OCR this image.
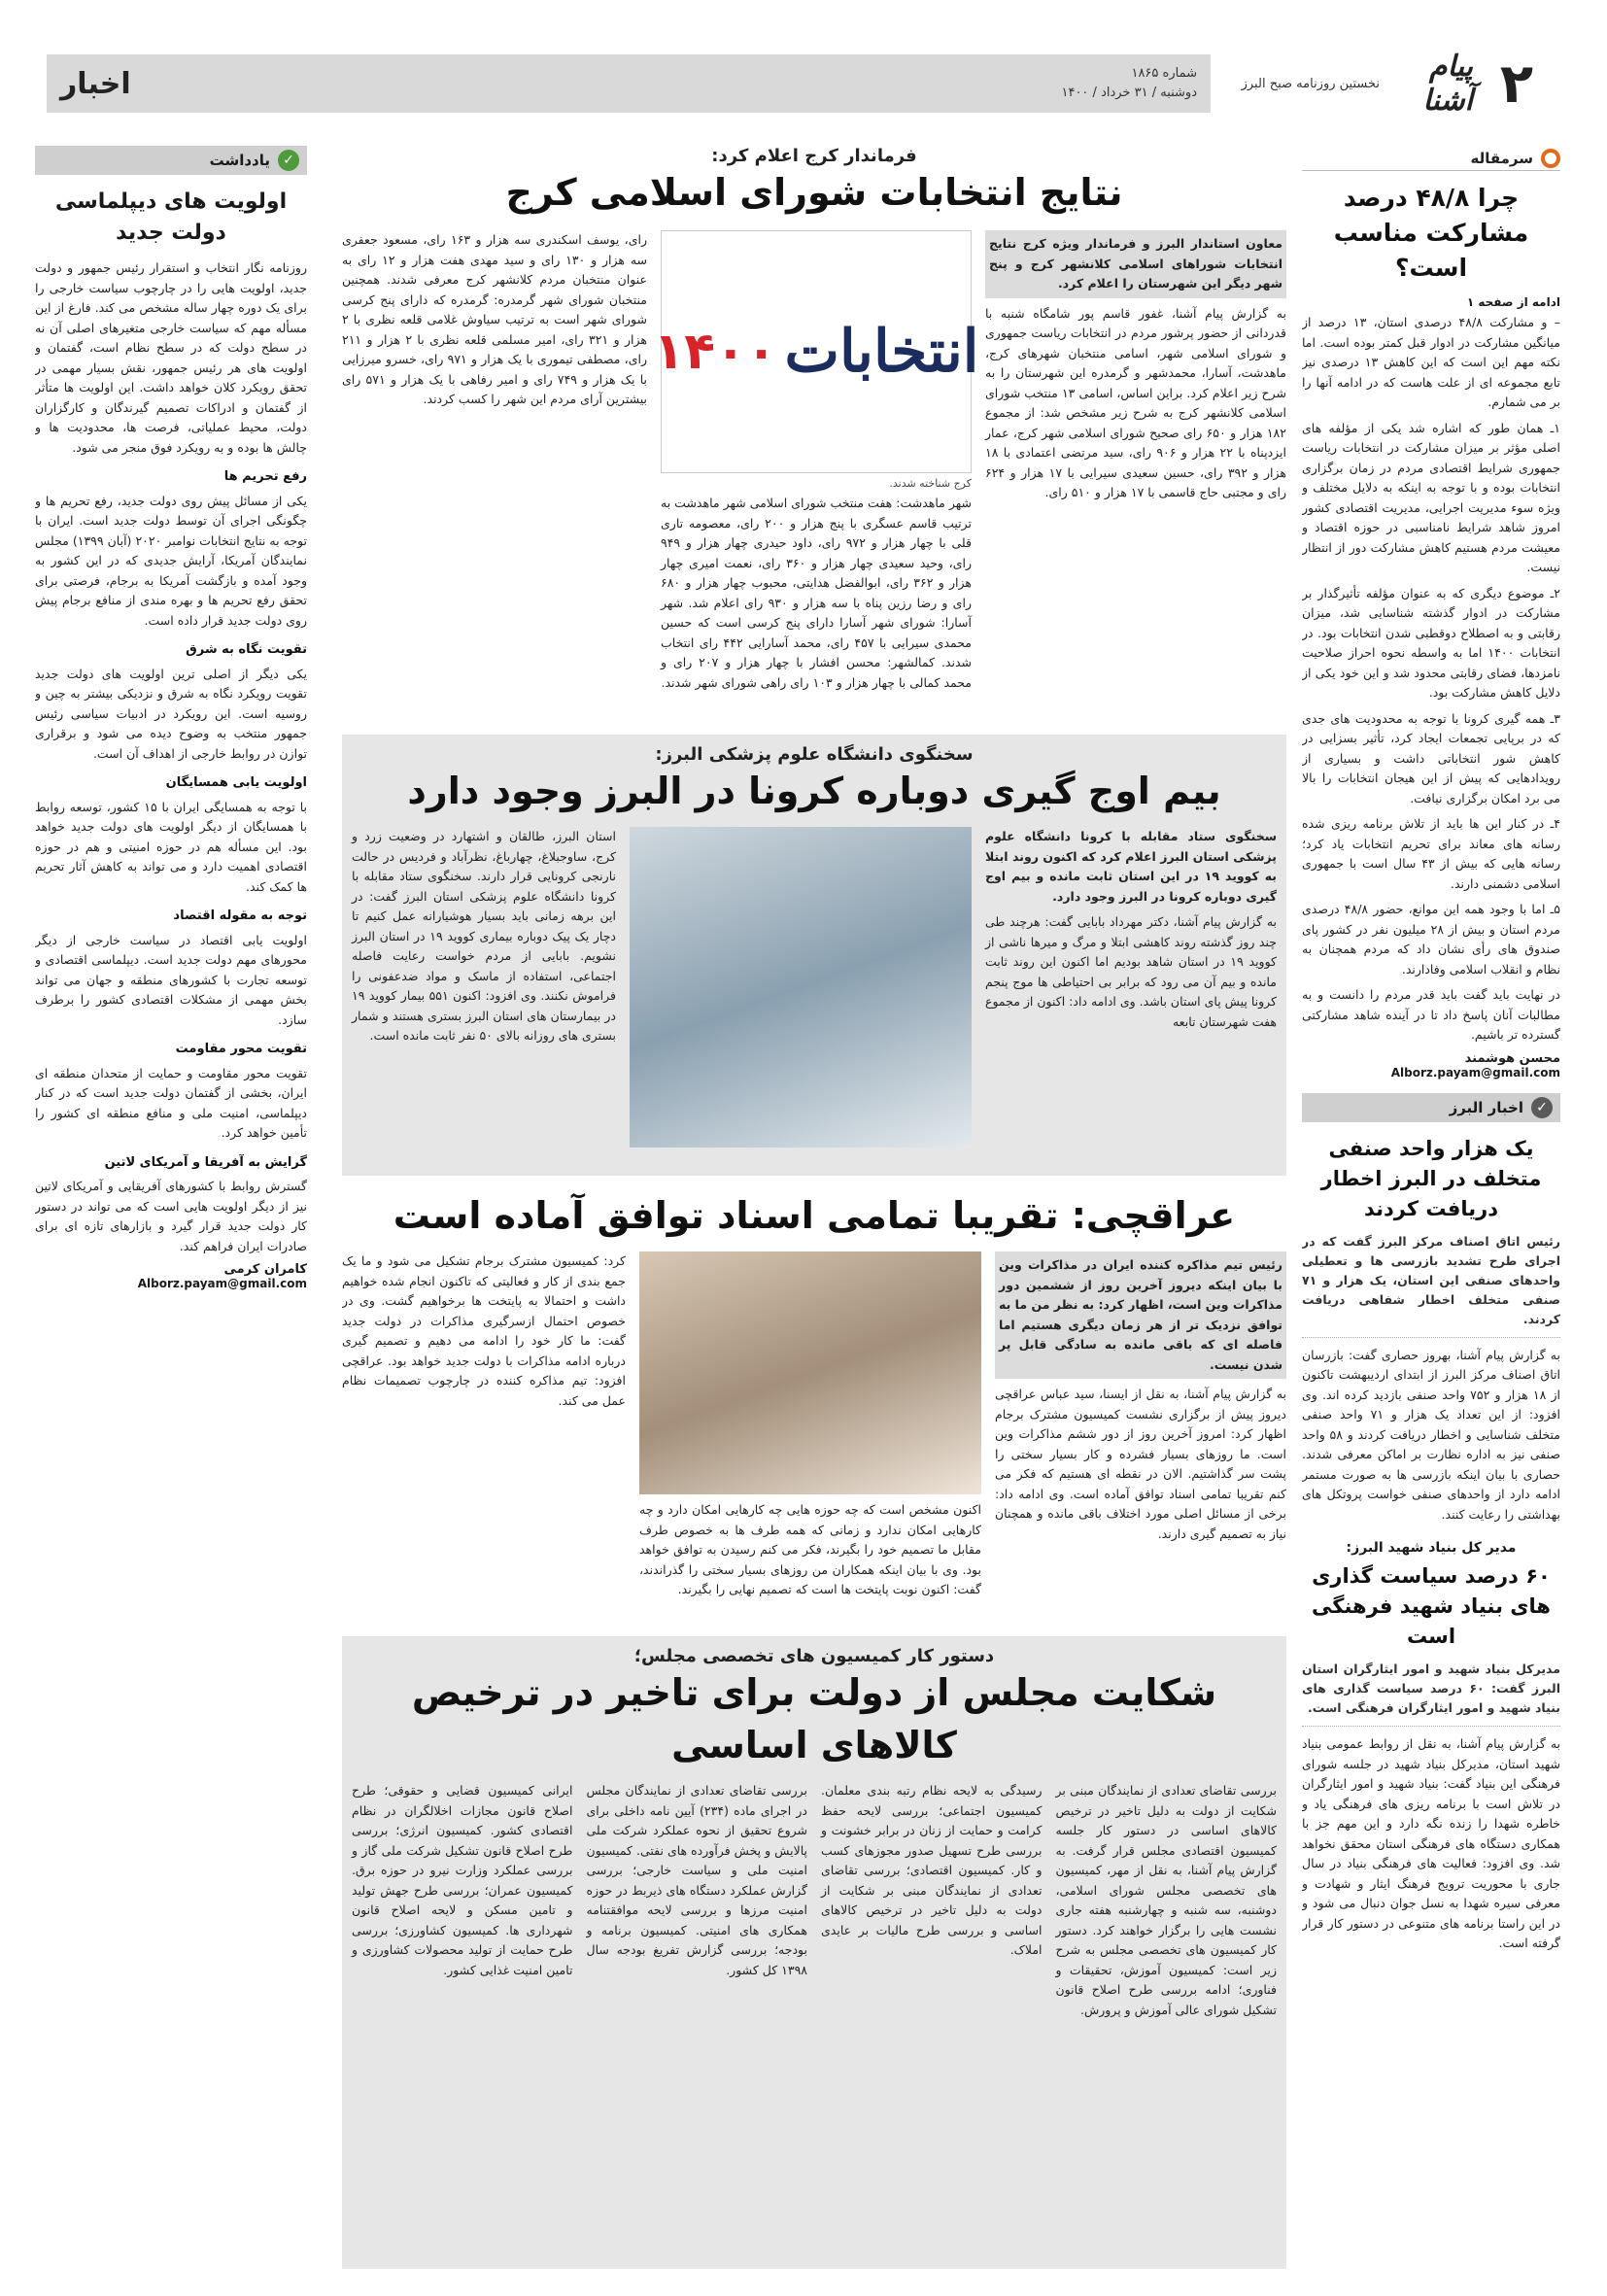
۲
پیام آشنا
نخستین روزنامه صبح البرز
شماره ۱۸۶۵
دوشنبه / ۳۱ خرداد / ۱۴۰۰
اخبار
سرمقاله
چرا ۴۸/۸ درصد مشارکت مناسب است؟
ادامه از صفحه ۱

– و مشارکت ۴۸/۸ درصدی استان، ۱۳ درصد از میانگین مشارکت در ادوار قبل کمتر بوده است. اما نکته مهم این است که این کاهش ۱۳ درصدی نیز تابع مجموعه ای از علت هاست که در ادامه آنها را بر می شمارم.

۱ـ همان طور که اشاره شد یکی از مؤلفه های اصلی مؤثر بر میزان مشارکت در انتخابات ریاست جمهوری شرایط اقتصادی مردم در زمان برگزاری انتخابات بوده و با توجه به اینکه به دلایل مختلف و ویژه سوء مدیریت اجرایی، مدیریت اقتصادی کشور امروز شاهد شرایط نامناسبی در حوزه اقتصاد و معیشت مردم هستیم کاهش مشارکت دور از انتظار نیست.

۲ـ موضوع دیگری که به عنوان مؤلفه تأثیرگذار بر مشارکت در ادوار گذشته شناسایی شد، میزان رقابتی و به اصطلاح دوقطبی شدن انتخابات بود. در انتخابات ۱۴۰۰ اما به واسطه نحوه احراز صلاحیت نامزدها، فضای رقابتی محدود شد و این خود یکی از دلایل کاهش مشارکت بود.

۳ـ همه گیری کرونا با توجه به محدودیت های جدی که در برپایی تجمعات ایجاد کرد، تأثیر بسزایی در کاهش شور انتخاباتی داشت و بسیاری از رویدادهایی که پیش از این هیجان انتخابات را بالا می برد امکان برگزاری نیافت.

۴ـ در کنار این ها باید از تلاش برنامه ریزی شده رسانه های معاند برای تحریم انتخابات یاد کرد؛ رسانه هایی که بیش از ۴۳ سال است با جمهوری اسلامی دشمنی دارند.

۵ـ اما با وجود همه این موانع، حضور ۴۸/۸ درصدی مردم استان و بیش از ۲۸ میلیون نفر در کشور پای صندوق های رأی نشان داد که مردم همچنان به نظام و انقلاب اسلامی وفادارند.

در نهایت باید گفت باید قدر مردم را دانست و به مطالبات آنان پاسخ داد تا در آینده شاهد مشارکتی گسترده تر باشیم.

محسن هوشمند
Alborz.payam@gmail.com
✓
اخبار البرز
یک هزار واحد صنفی متخلف در البرز اخطار دریافت کردند
رئیس اتاق اصناف مرکز البرز گفت که در اجرای طرح تشدید بازرسی ها و تعطیلی واحدهای صنفی این استان، یک هزار و ۷۱ صنفی متخلف اخطار شفاهی دریافت کردند.
به گزارش پیام آشنا، بهروز حصاری گفت: بازرسان اتاق اصناف مرکز البرز از ابتدای اردیبهشت تاکنون از ۱۸ هزار و ۷۵۲ واحد صنفی بازدید کرده اند. وی افزود: از این تعداد یک هزار و ۷۱ واحد صنفی متخلف شناسایی و اخطار دریافت کردند و ۵۸ واحد صنفی نیز به اداره نظارت بر اماکن معرفی شدند. حصاری با بیان اینکه بازرسی ها به صورت مستمر ادامه دارد از واحدهای صنفی خواست پروتکل های بهداشتی را رعایت کنند.
مدیر کل بنیاد شهید البرز:
۶۰ درصد سیاست گذاری های بنیاد شهید فرهنگی است
مدیرکل بنیاد شهید و امور ایثارگران استان البرز گفت: ۶۰ درصد سیاست گذاری های بنیاد شهید و امور ایثارگران فرهنگی است.
به گزارش پیام آشنا، به نقل از روابط عمومی بنیاد شهید استان، مدیرکل بنیاد شهید در جلسه شورای فرهنگی این بنیاد گفت: بنیاد شهید و امور ایثارگران در تلاش است با برنامه ریزی های فرهنگی یاد و خاطره شهدا را زنده نگه دارد و این مهم جز با همکاری دستگاه های فرهنگی استان محقق نخواهد شد. وی افزود: فعالیت های فرهنگی بنیاد در سال جاری با محوریت ترویج فرهنگ ایثار و شهادت و معرفی سیره شهدا به نسل جوان دنبال می شود و در این راستا برنامه های متنوعی در دستور کار قرار گرفته است.
✓
یادداشت
اولویت های دیپلماسی دولت جدید

روزنامه نگار انتخاب و استقرار رئیس جمهور و دولت جدید، اولویت هایی را در چارچوب سیاست خارجی را برای یک دوره چهار ساله مشخص می کند. فارغ از این مسأله مهم که سیاست خارجی متغیرهای اصلی آن نه در سطح دولت که در سطح نظام است، گفتمان و اولویت های هر رئیس جمهور، نقش بسیار مهمی در تحقق رویکرد کلان خواهد داشت. این اولویت ها متأثر از گفتمان و ادراکات تصمیم گیرندگان و کارگزاران دولت، محیط عملیاتی، فرصت ها، محدودیت ها و چالش ها بوده و به رویکرد فوق منجر می شود.

رفع تحریم ها

یکی از مسائل پیش روی دولت جدید، رفع تحریم ها و چگونگی اجرای آن توسط دولت جدید است. ایران با توجه به نتایج انتخابات نوامبر ۲۰۲۰ (آبان ۱۳۹۹) مجلس نمایندگان آمریکا، آرایش جدیدی که در این کشور به وجود آمده و بازگشت آمریکا به برجام، فرصتی برای تحقق رفع تحریم ها و بهره مندی از منافع برجام پیش روی دولت جدید قرار داده است.

تقویت نگاه به شرق

یکی دیگر از اصلی ترین اولویت های دولت جدید تقویت رویکرد نگاه به شرق و نزدیکی بیشتر به چین و روسیه است. این رویکرد در ادبیات سیاسی رئیس جمهور منتخب به وضوح دیده می شود و برقراری توازن در روابط خارجی از اهداف آن است.

اولویت یابی همسایگان

با توجه به همسایگی ایران با ۱۵ کشور، توسعه روابط با همسایگان از دیگر اولویت های دولت جدید خواهد بود. این مسأله هم در حوزه امنیتی و هم در حوزه اقتصادی اهمیت دارد و می تواند به کاهش آثار تحریم ها کمک کند.

توجه به مقوله اقتصاد

اولویت یابی اقتصاد در سیاست خارجی از دیگر محورهای مهم دولت جدید است. دیپلماسی اقتصادی و توسعه تجارت با کشورهای منطقه و جهان می تواند بخش مهمی از مشکلات اقتصادی کشور را برطرف سازد.

تقویت محور مقاومت

تقویت محور مقاومت و حمایت از متحدان منطقه ای ایران، بخشی از گفتمان دولت جدید است که در کنار دیپلماسی، امنیت ملی و منافع منطقه ای کشور را تأمین خواهد کرد.

گرایش به آفریقا و آمریکای لاتین

گسترش روابط با کشورهای آفریقایی و آمریکای لاتین نیز از دیگر اولویت هایی است که می تواند در دستور کار دولت جدید قرار گیرد و بازارهای تازه ای برای صادرات ایران فراهم کند.

کامران کرمی
Alborz.payam@gmail.com
فرماندار کرج اعلام کرد:
نتایج انتخابات شورای اسلامی کرج
معاون استاندار البرز و فرماندار ویژه کرج نتایج انتخابات شوراهای اسلامی کلانشهر کرج و پنج شهر دیگر این شهرستان را اعلام کرد.
به گزارش پیام آشنا، غفور قاسم پور شامگاه شنبه با قدردانی از حضور پرشور مردم در انتخابات ریاست جمهوری و شورای اسلامی شهر، اسامی منتخبان شهرهای کرج، ماهدشت، آسارا، محمدشهر و گرمدره این شهرستان را به شرح زیر اعلام کرد. براین اساس، اسامی ۱۳ منتخب شورای اسلامی کلانشهر کرج به شرح زیر مشخص شد: از مجموع ۱۸۲ هزار و ۶۵۰ رای صحیح شورای اسلامی شهر کرج، عمار ایزدپناه با ۲۲ هزار و ۹۰۶ رای، سید مرتضی اعتمادی با ۱۸ هزار و ۳۹۲ رای، حسین سعیدی سیرایی با ۱۷ هزار و ۶۲۴ رای و مجتبی حاج قاسمی با ۱۷ هزار و ۵۱۰ رای.
انتخابات
۱۴۰۰
کرج شناخته شدند.
شهر ماهدشت: هفت منتخب شورای اسلامی شهر ماهدشت به ترتیب قاسم عسگری با پنج هزار و ۲۰۰ رای، معصومه تاری قلی با چهار هزار و ۹۷۲ رای، داود حیدری چهار هزار و ۹۴۹ رای، وحید سعیدی چهار هزار و ۳۶۰ رای، نعمت امیری چهار هزار و ۳۶۲ رای، ابوالفضل هدایتی، محبوب چهار هزار و ۶۸۰ رای و رضا رزین پناه با سه هزار و ۹۳۰ رای اعلام شد. شهر آسارا: شورای شهر آسارا دارای پنج کرسی است که حسین محمدی سیرایی با ۴۵۷ رای، محمد آسارایی ۴۴۲ رای انتخاب شدند. کمالشهر: محسن افشار با چهار هزار و ۲۰۷ رای و محمد کمالی با چهار هزار و ۱۰۳ رای راهی شورای شهر شدند.
رای، یوسف اسکندری سه هزار و ۱۶۳ رای، مسعود جعفری سه هزار و ۱۳۰ رای و سید مهدی هفت هزار و ۱۲ رای به عنوان منتخبان مردم کلانشهر کرج معرفی شدند. همچنین منتخبان شورای شهر گرمدره: گرمدره که دارای پنج کرسی شورای شهر است به ترتیب سیاوش غلامی قلعه نظری با ۲ هزار و ۳۲۱ رای، امیر مسلمی قلعه نظری با ۲ هزار و ۲۱۱ رای، مصطفی تیموری با یک هزار و ۹۷۱ رای، خسرو میرزایی با یک هزار و ۷۴۹ رای و امیر رفاهی با یک هزار و ۵۷۱ رای بیشترین آرای مردم این شهر را کسب کردند.
سخنگوی دانشگاه علوم پزشکی البرز:
بیم اوج گیری دوباره کرونا در البرز وجود دارد
سخنگوی ستاد مقابله با کرونا دانشگاه علوم پزشکی استان البرز اعلام کرد که اکنون روند ابتلا به کووید ۱۹ در این استان ثابت مانده و بیم اوج گیری دوباره کرونا در البرز وجود دارد.
به گزارش پیام آشنا، دکتر مهرداد بابایی گفت: هرچند طی چند روز گذشته روند کاهشی ابتلا و مرگ و میرها ناشی از کووید ۱۹ در استان شاهد بودیم اما اکنون این روند ثابت مانده و بیم آن می رود که برابر بی احتیاطی ها موج پنجم کرونا پیش پای استان باشد. وی ادامه داد: اکنون از مجموع هفت شهرستان تابعه
استان البرز، طالقان و اشتهارد در وضعیت زرد و کرج، ساوجبلاغ، چهارباغ، نظرآباد و فردیس در حالت نارنجی کرونایی قرار دارند. سخنگوی ستاد مقابله با کرونا دانشگاه علوم پزشکی استان البرز گفت: در این برهه زمانی باید بسیار هوشیارانه عمل کنیم تا دچار یک پیک دوباره بیماری کووید ۱۹ در استان البرز نشویم. بابایی از مردم خواست رعایت فاصله اجتماعی، استفاده از ماسک و مواد ضدعفونی را فراموش نکنند. وی افزود: اکنون ۵۵۱ بیمار کووید ۱۹ در بیمارستان های استان البرز بستری هستند و شمار بستری های روزانه بالای ۵۰ نفر ثابت مانده است.
عراقچی: تقریبا تمامی اسناد توافق آماده است
رئیس تیم مذاکره کننده ایران در مذاکرات وین با بیان اینکه دیروز آخرین روز از ششمین دور مذاکرات وین است، اظهار کرد: به نظر من ما به توافق نزدیک تر از هر زمان دیگری هستیم اما فاصله ای که باقی مانده به سادگی قابل پر شدن نیست.
به گزارش پیام آشنا، به نقل از ایسنا، سید عباس عراقچی دیروز پیش از برگزاری نشست کمیسیون مشترک برجام اظهار کرد: امروز آخرین روز از دور ششم مذاکرات وین است. ما روزهای بسیار فشرده و کار بسیار سختی را پشت سر گذاشتیم. الان در نقطه ای هستیم که فکر می کنم تقریبا تمامی اسناد توافق آماده است. وی ادامه داد: برخی از مسائل اصلی مورد اختلاف باقی مانده و همچنان نیاز به تصمیم گیری دارند.
اکنون مشخص است که چه حوزه هایی چه کارهایی امکان دارد و چه کارهایی امکان ندارد و زمانی که همه طرف ها به خصوص طرف مقابل ما تصمیم خود را بگیرند، فکر می کنم رسیدن به توافق خواهد بود. وی با بیان اینکه همکاران من روزهای بسیار سختی را گذراندند، گفت: اکنون نوبت پایتخت ها است که تصمیم نهایی را بگیرند.
کرد: کمیسیون مشترک برجام تشکیل می شود و ما یک جمع بندی از کار و فعالیتی که تاکنون انجام شده خواهیم داشت و احتمالا به پایتخت ها برخواهیم گشت. وی در خصوص احتمال ازسرگیری مذاکرات در دولت جدید گفت: ما کار خود را ادامه می دهیم و تصمیم گیری درباره ادامه مذاکرات با دولت جدید خواهد بود. عراقچی افزود: تیم مذاکره کننده در چارچوب تصمیمات نظام عمل می کند.
دستور کار کمیسیون های تخصصی مجلس؛
شکایت مجلس از دولت برای تاخیر در ترخیص کالاهای اساسی
بررسی تقاضای تعدادی از نمایندگان مبنی بر شکایت از دولت به دلیل تاخیر در ترخیص کالاهای اساسی در دستور کار جلسه کمیسیون اقتصادی مجلس قرار گرفت. به گزارش پیام آشنا، به نقل از مهر، کمیسیون های تخصصی مجلس شورای اسلامی، دوشنبه، سه شنبه و چهارشنبه هفته جاری نشست هایی را برگزار خواهند کرد. دستور کار کمیسیون های تخصصی مجلس به شرح زیر است: کمیسیون آموزش، تحقیقات و فناوری؛ ادامه بررسی طرح اصلاح قانون تشکیل شورای عالی آموزش و پرورش.
رسیدگی به لایحه نظام رتبه بندی معلمان. کمیسیون اجتماعی؛ بررسی لایحه حفظ کرامت و حمایت از زنان در برابر خشونت و بررسی طرح تسهیل صدور مجوزهای کسب و کار. کمیسیون اقتصادی؛ بررسی تقاضای تعدادی از نمایندگان مبنی بر شکایت از دولت به دلیل تاخیر در ترخیص کالاهای اساسی و بررسی طرح مالیات بر عایدی املاک.
بررسی تقاضای تعدادی از نمایندگان مجلس در اجرای ماده (۲۳۴) آیین نامه داخلی برای شروع تحقیق از نحوه عملکرد شرکت ملی پالایش و پخش فرآورده های نفتی. کمیسیون امنیت ملی و سیاست خارجی؛ بررسی گزارش عملکرد دستگاه های ذیربط در حوزه امنیت مرزها و بررسی لایحه موافقتنامه همکاری های امنیتی. کمیسیون برنامه و بودجه؛ بررسی گزارش تفریغ بودجه سال ۱۳۹۸ کل کشور.
ایرانی کمیسیون قضایی و حقوقی؛ طرح اصلاح قانون مجازات اخلالگران در نظام اقتصادی کشور. کمیسیون انرژی؛ بررسی طرح اصلاح قانون تشکیل شرکت ملی گاز و بررسی عملکرد وزارت نیرو در حوزه برق. کمیسیون عمران؛ بررسی طرح جهش تولید و تامین مسکن و لایحه اصلاح قانون شهرداری ها. کمیسیون کشاورزی؛ بررسی طرح حمایت از تولید محصولات کشاورزی و تامین امنیت غذایی کشور.
